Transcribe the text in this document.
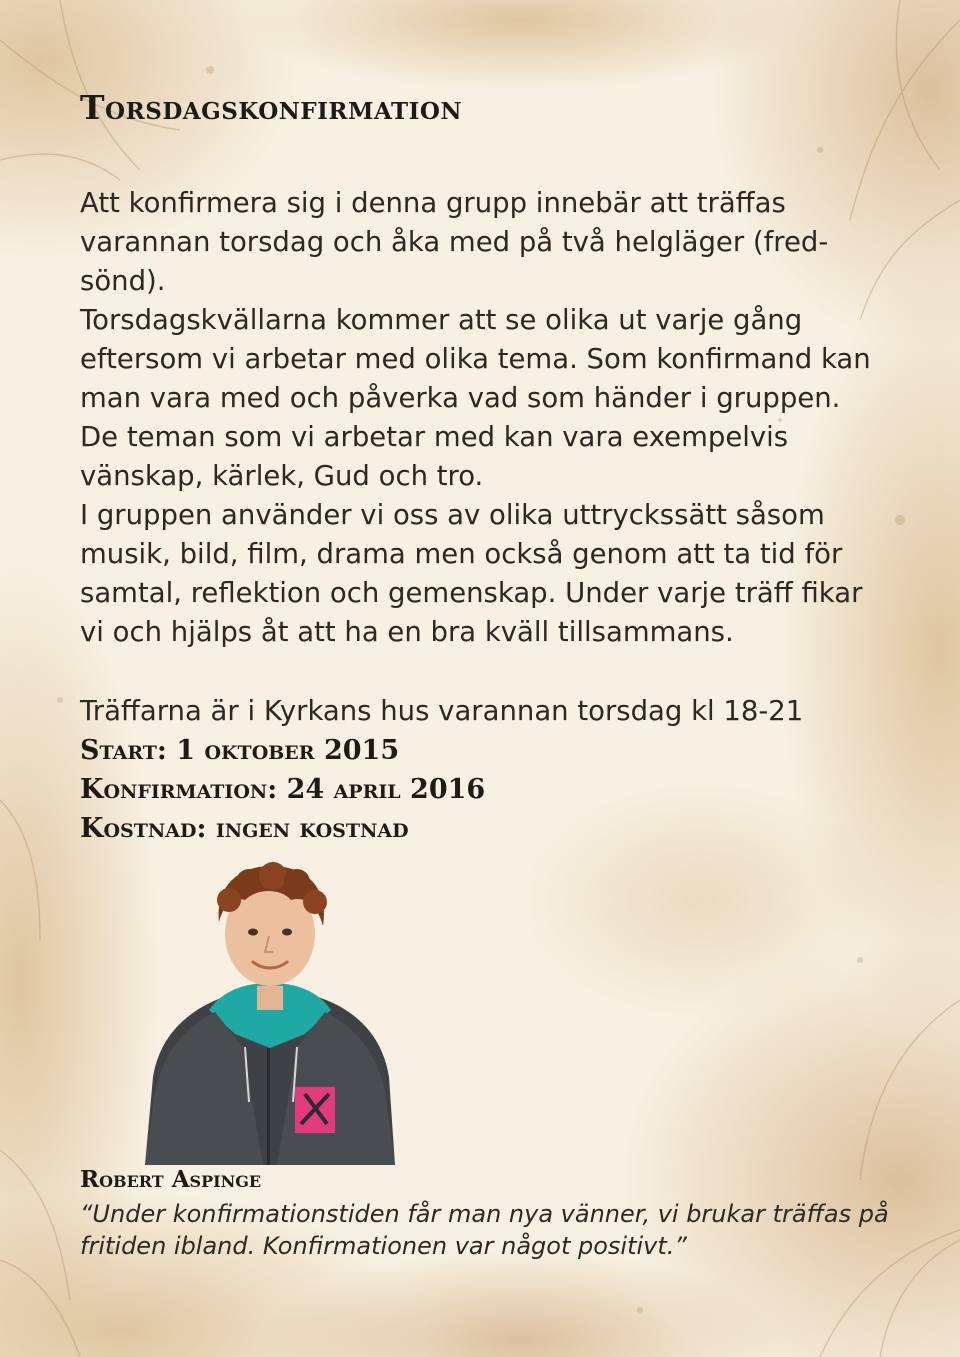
Torsdagskonfirmation

Att konfirmera sig i denna grupp innebär att träffas varannan torsdag och åka med på två helgläger (fred-sönd).

Torsdagskvällarna kommer att se olika ut varje gång eftersom vi arbetar med olika tema. Som konfirmand kan man vara med och påverka vad som händer i gruppen. De teman som vi arbetar med kan vara exempelvis vänskap, kärlek, Gud och tro.

I gruppen använder vi oss av olika uttryckssätt såsom musik, bild, film, drama men också genom att ta tid för samtal, reflektion och gemenskap. Under varje träff fikar vi och hjälps åt att ha en bra kväll tillsammans.

Träffarna är i Kyrkans hus varannan torsdag kl 18-21
Start: 1 oktober 2015
Konfirmation: 24 april 2016
Kostnad: ingen kostnad
Robert Aspinge
“Under konfirmationstiden får man nya vänner, vi brukar träffas på fritiden ibland. Konfirmationen var något positivt.”
